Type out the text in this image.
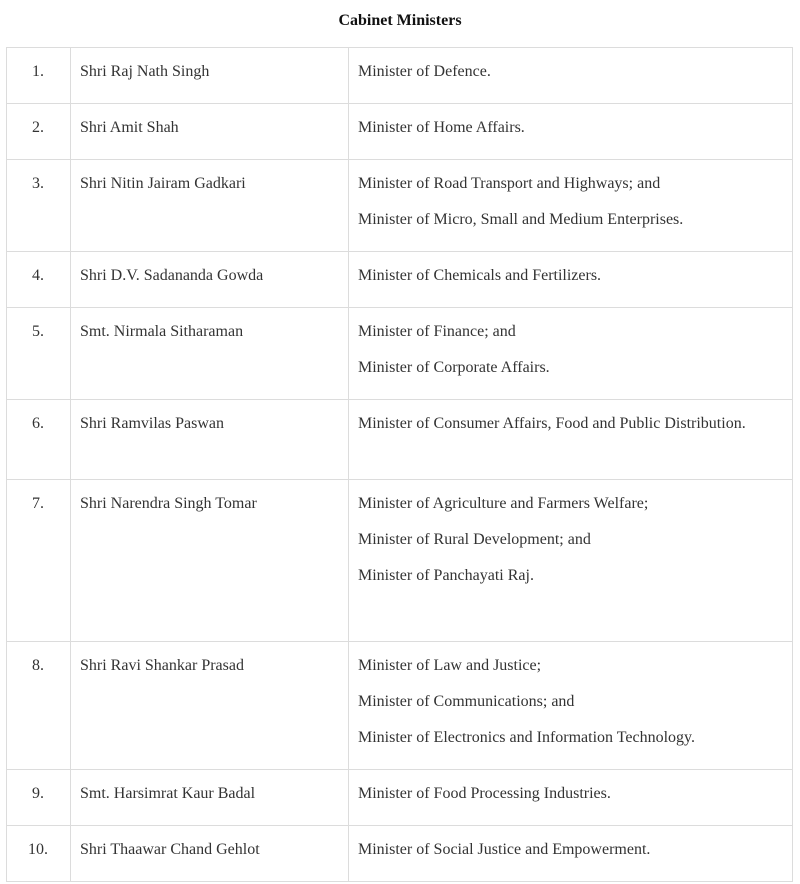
Cabinet Ministers
1.	Shri Raj Nath Singh	Minister of Defence.

2.	Shri Amit Shah	Minister of Home Affairs.

3.	Shri Nitin Jairam Gadkari	Minister of Road Transport and Highways; and
Minister of Micro, Small and Medium Enterprises.

4.	Shri D.V. Sadananda Gowda	Minister of Chemicals and Fertilizers.

5.	Smt. Nirmala Sitharaman	Minister of Finance; and
Minister of Corporate Affairs.

6.	Shri Ramvilas Paswan	Minister of Consumer Affairs, Food and Public Distribution.

7.	Shri Narendra Singh Tomar	Minister of Agriculture and Farmers Welfare;
Minister of Rural Development; and
Minister of Panchayati Raj.

8.	Shri Ravi Shankar Prasad	Minister of Law and Justice;
Minister of Communications; and
Minister of Electronics and Information Technology.

9.	Smt. Harsimrat Kaur Badal	Minister of Food Processing Industries.

10.	Shri Thaawar Chand Gehlot	Minister of Social Justice and Empowerment.
